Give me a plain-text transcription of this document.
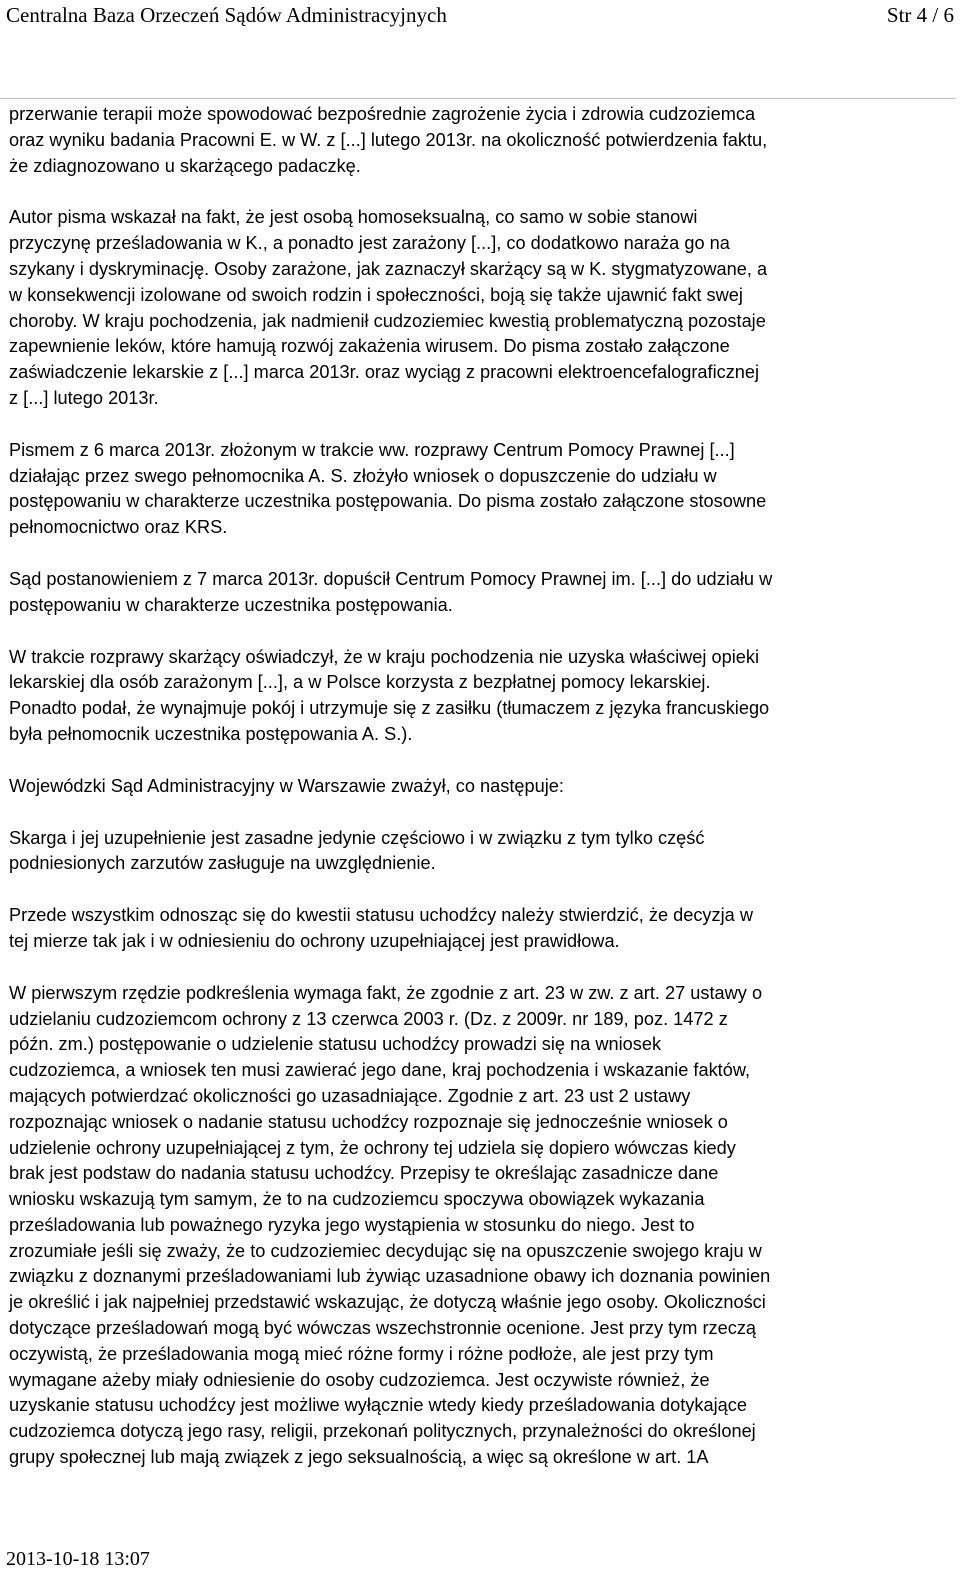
Centralna Baza Orzeczeń Sądów Administracyjnych	Str 4 / 6

przerwanie terapii może spowodować bezpośrednie zagrożenie życia i zdrowia cudzoziemca
oraz wyniku badania Pracowni E. w W. z [...] lutego 2013r. na okoliczność potwierdzenia faktu,
że zdiagnozowano u skarżącego padaczkę.

Autor pisma wskazał na fakt, że jest osobą homoseksualną, co samo w sobie stanowi
przyczynę prześladowania w K., a ponadto jest zarażony [...], co dodatkowo naraża go na
szykany i dyskryminację. Osoby zarażone, jak zaznaczył skarżący są w K. stygmatyzowane, a
w konsekwencji izolowane od swoich rodzin i społeczności, boją się także ujawnić fakt swej
choroby. W kraju pochodzenia, jak nadmienił cudzoziemiec kwestią problematyczną pozostaje
zapewnienie leków, które hamują rozwój zakażenia wirusem. Do pisma zostało załączone
zaświadczenie lekarskie z [...] marca 2013r. oraz wyciąg z pracowni elektroencefalograficznej
z [...] lutego 2013r.

Pismem z 6 marca 2013r. złożonym w trakcie ww. rozprawy Centrum Pomocy Prawnej [...]
działając przez swego pełnomocnika A. S. złożyło wniosek o dopuszczenie do udziału w
postępowaniu w charakterze uczestnika postępowania. Do pisma zostało załączone stosowne
pełnomocnictwo oraz KRS.

Sąd postanowieniem z 7 marca 2013r. dopuścił Centrum Pomocy Prawnej im. [...] do udziału w
postępowaniu w charakterze uczestnika postępowania.

W trakcie rozprawy skarżący oświadczył, że w kraju pochodzenia nie uzyska właściwej opieki
lekarskiej dla osób zarażonym [...], a w Polsce korzysta z bezpłatnej pomocy lekarskiej.
Ponadto podał, że wynajmuje pokój i utrzymuje się z zasiłku (tłumaczem z języka francuskiego
była pełnomocnik uczestnika postępowania A. S.).

Wojewódzki Sąd Administracyjny w Warszawie zważył, co następuje:

Skarga i jej uzupełnienie jest zasadne jedynie częściowo i w związku z tym tylko część
podniesionych zarzutów zasługuje na uwzględnienie.

Przede wszystkim odnosząc się do kwestii statusu uchodźcy należy stwierdzić, że decyzja w
tej mierze tak jak i w odniesieniu do ochrony uzupełniającej jest prawidłowa.

W pierwszym rzędzie podkreślenia wymaga fakt, że zgodnie z art. 23 w zw. z art. 27 ustawy o
udzielaniu cudzoziemcom ochrony z 13 czerwca 2003 r. (Dz. z 2009r. nr 189, poz. 1472 z
późn. zm.) postępowanie o udzielenie statusu uchodźcy prowadzi się na wniosek
cudzoziemca, a wniosek ten musi zawierać jego dane, kraj pochodzenia i wskazanie faktów,
mających potwierdzać okoliczności go uzasadniające. Zgodnie z art. 23 ust 2 ustawy
rozpoznając wniosek o nadanie statusu uchodźcy rozpoznaje się jednocześnie wniosek o
udzielenie ochrony uzupełniającej z tym, że ochrony tej udziela się dopiero wówczas kiedy
brak jest podstaw do nadania statusu uchodźcy. Przepisy te określając zasadnicze dane
wniosku wskazują tym samym, że to na cudzoziemcu spoczywa obowiązek wykazania
prześladowania lub poważnego ryzyka jego wystąpienia w stosunku do niego. Jest to
zrozumiałe jeśli się zważy, że to cudzoziemiec decydując się na opuszczenie swojego kraju w
związku z doznanymi prześladowaniami lub żywiąc uzasadnione obawy ich doznania powinien
je określić i jak najpełniej przedstawić wskazując, że dotyczą właśnie jego osoby. Okoliczności
dotyczące prześladowań mogą być wówczas wszechstronnie ocenione. Jest przy tym rzeczą
oczywistą, że prześladowania mogą mieć różne formy i różne podłoże, ale jest przy tym
wymagane ażeby miały odniesienie do osoby cudzoziemca. Jest oczywiste również, że
uzyskanie statusu uchodźcy jest możliwe wyłącznie wtedy kiedy prześladowania dotykające
cudzoziemca dotyczą jego rasy, religii, przekonań politycznych, przynależności do określonej
grupy społecznej lub mają związek z jego seksualnością, a więc są określone w art. 1A

2013-10-18 13:07
